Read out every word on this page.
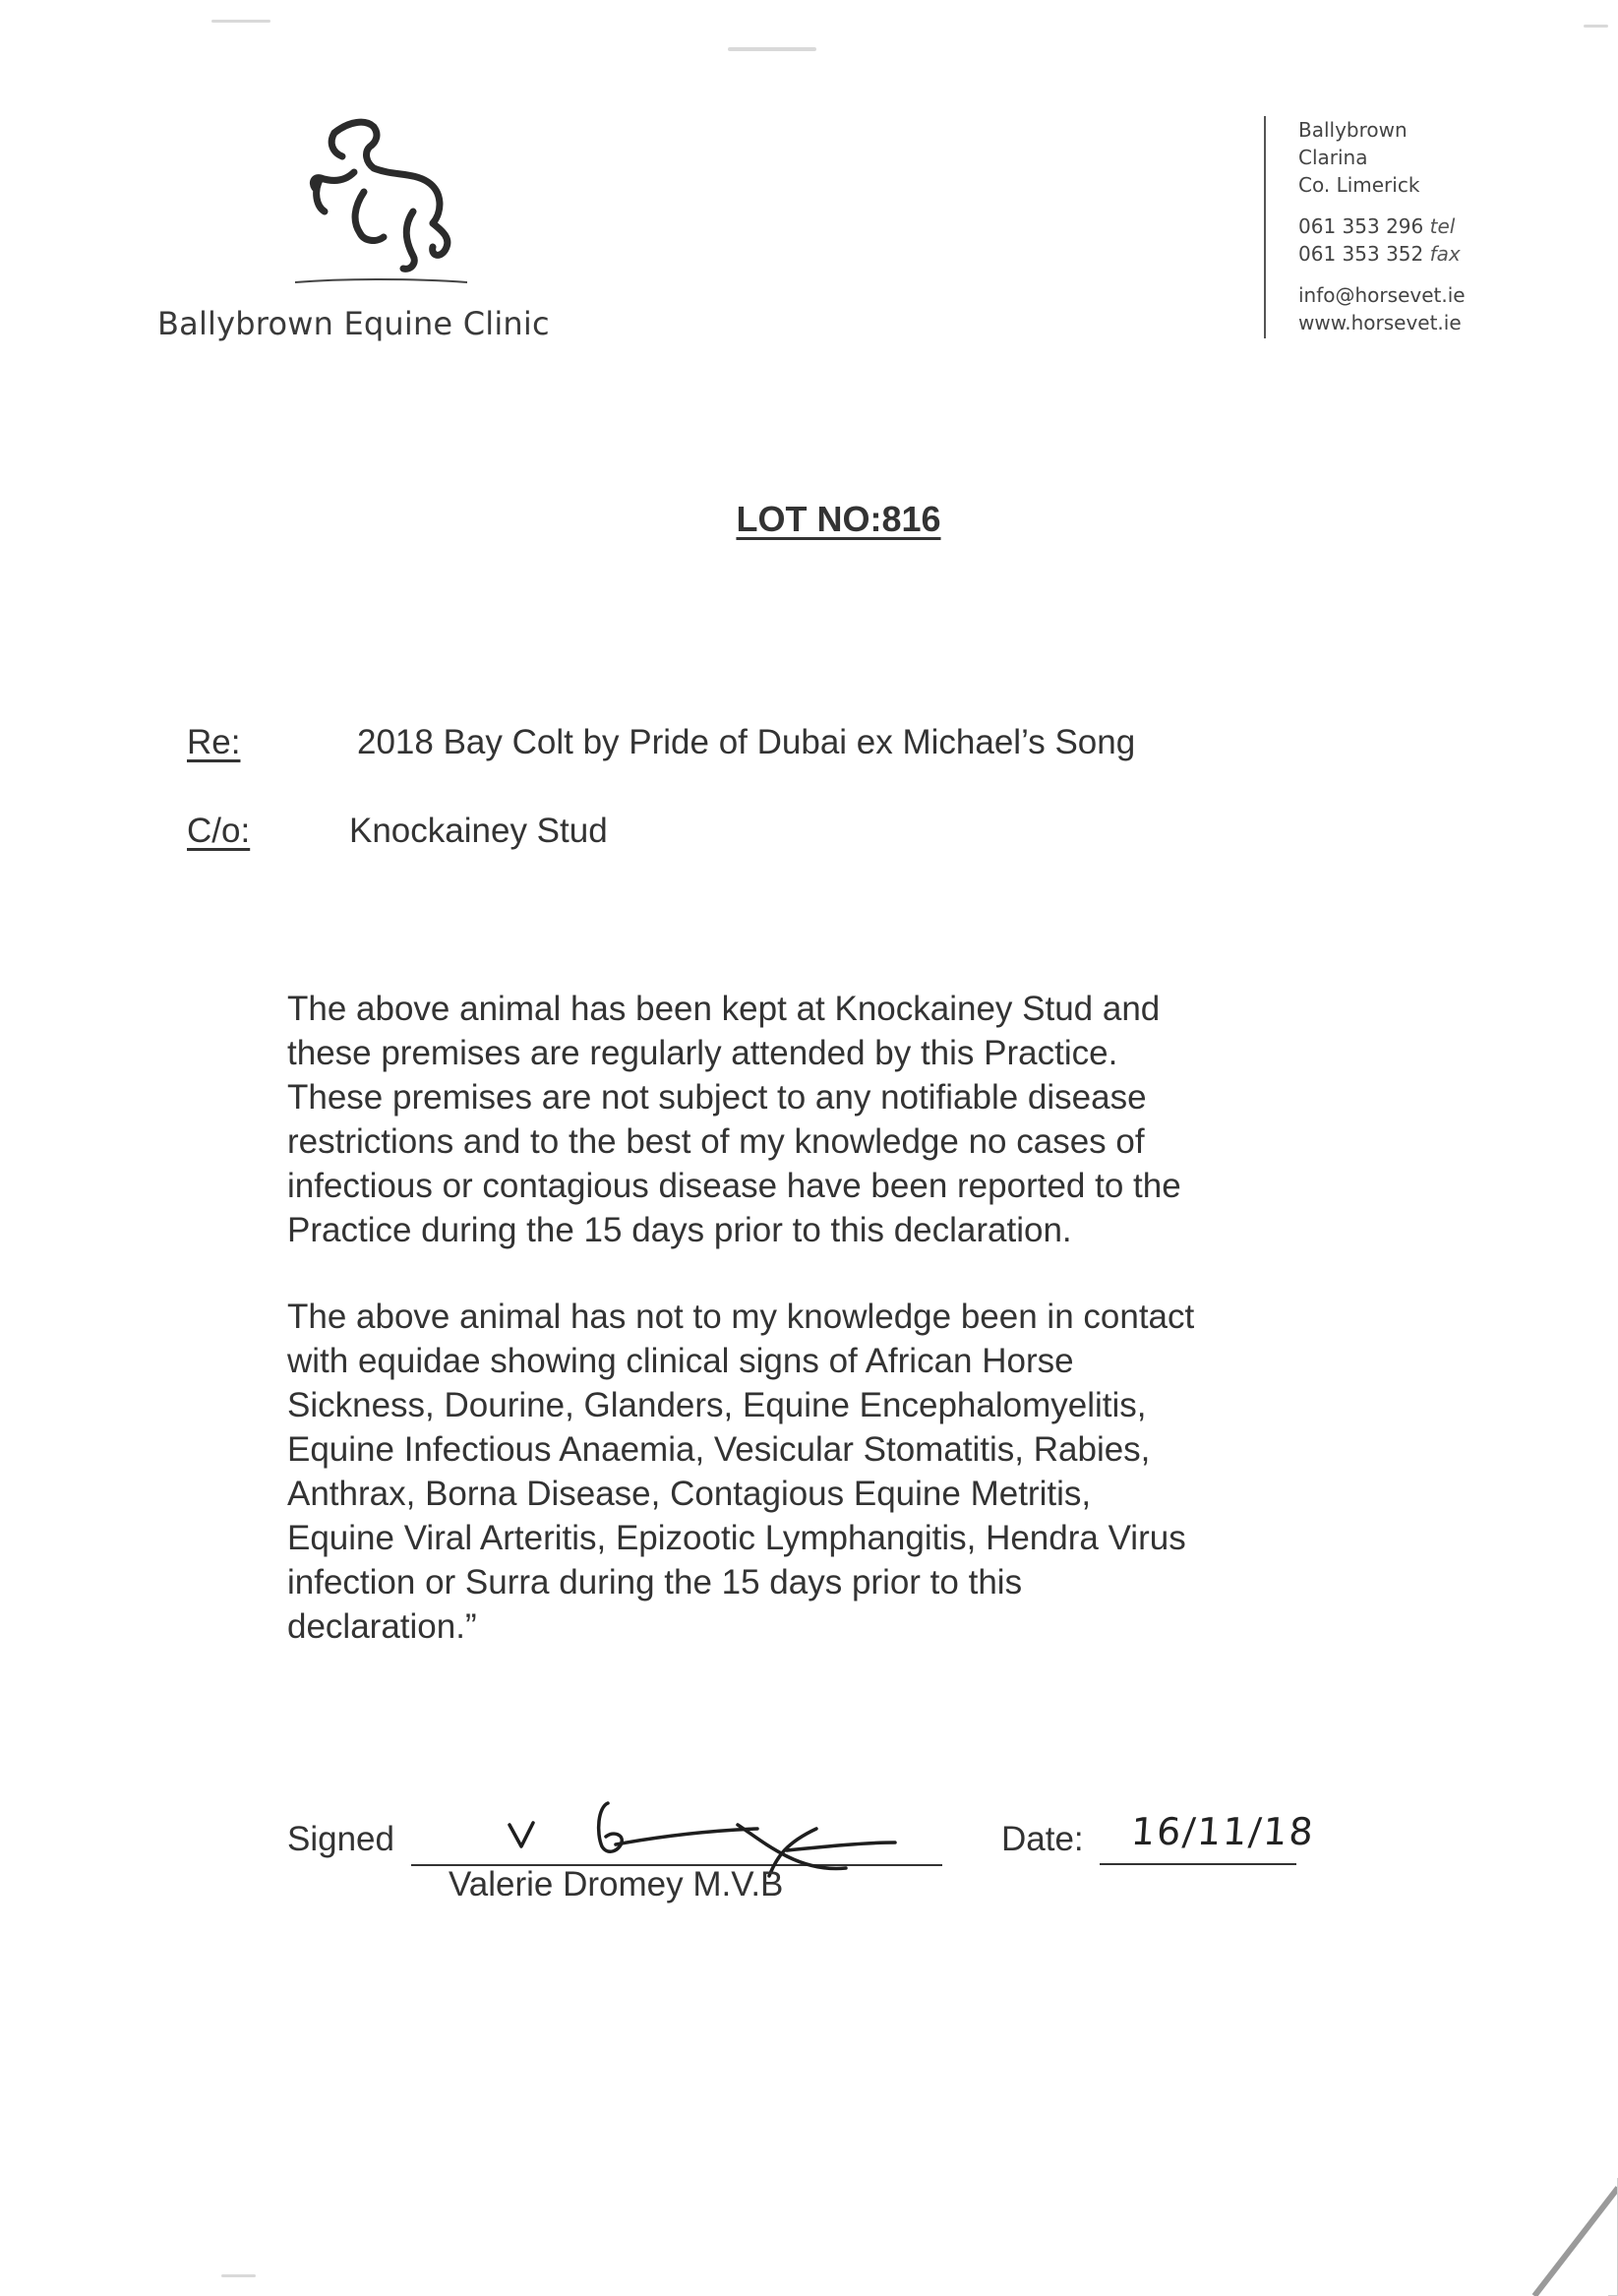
Ballybrown Equine Clinic
Ballybrown
Clarina
Co. Limerick
061 353 296 tel
061 353 352 fax
info@horsevet.ie
www.horsevet.ie
LOT NO:816
Re:	2018 Bay Colt by Pride of Dubai ex Michael’s Song
C/o:	Knockainey Stud
The above animal has been kept at Knockainey Stud and
these premises are regularly attended by this Practice.
These premises are not subject to any notifiable disease
restrictions and to the best of my knowledge no cases of
infectious or contagious disease have been reported to the
Practice during the 15 days prior to this declaration.
The above animal has not to my knowledge been in contact
with equidae showing clinical signs of African Horse
Sickness, Dourine, Glanders, Equine Encephalomyelitis,
Equine Infectious Anaemia, Vesicular Stomatitis, Rabies,
Anthrax, Borna Disease, Contagious Equine Metritis,
Equine Viral Arteritis, Epizootic Lymphangitis, Hendra Virus
infection or Surra during the 15 days prior to this
declaration.”
Signed
Valerie Dromey M.V.B
Date: 16/11/18
